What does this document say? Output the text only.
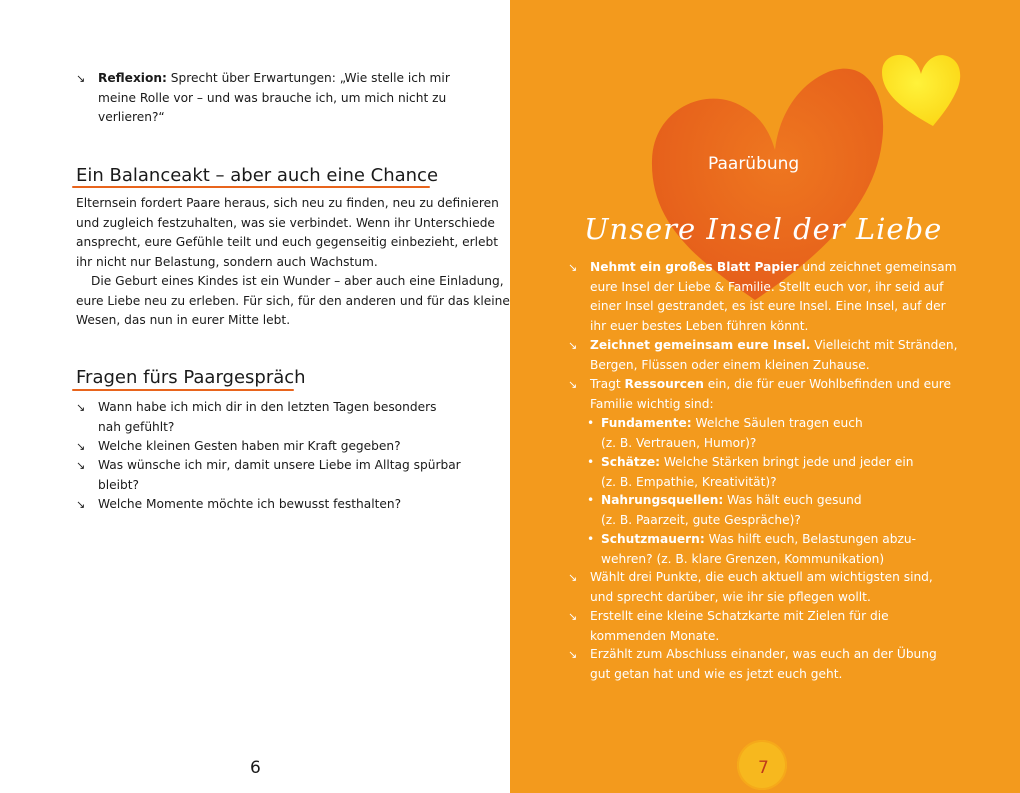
↘ Reflexion: Sprecht über Erwartungen: „Wie stelle ich mir
meine Rolle vor – und was brauche ich, um mich nicht zu
verlieren?“
Ein Balanceakt – aber auch eine Chance
Elternsein fordert Paare heraus, sich neu zu finden, neu zu definieren
und zugleich festzuhalten, was sie verbindet. Wenn ihr Unterschiede
ansprecht, eure Gefühle teilt und euch gegenseitig einbezieht, erlebt
ihr nicht nur Belastung, sondern auch Wachstum.
Die Geburt eines Kindes ist ein Wunder – aber auch eine Einladung,
eure Liebe neu zu erleben. Für sich, für den anderen und für das kleine
Wesen, das nun in eurer Mitte lebt.
Fragen fürs Paargespräch
↘ Wann habe ich mich dir in den letzten Tagen besonders
nah gefühlt?
↘ Welche kleinen Gesten haben mir Kraft gegeben?
↘ Was wünsche ich mir, damit unsere Liebe im Alltag spürbar
bleibt?
↘ Welche Momente möchte ich bewusst festhalten?
6
Paarübung
Unsere Insel der Liebe
↘ Nehmt ein großes Blatt Papier und zeichnet gemeinsam
eure Insel der Liebe & Familie. Stellt euch vor, ihr seid auf
einer Insel gestrandet, es ist eure Insel. Eine Insel, auf der
ihr euer bestes Leben führen könnt.
↘ Zeichnet gemeinsam eure Insel. Vielleicht mit Stränden,
Bergen, Flüssen oder einem kleinen Zuhause.
↘ Tragt Ressourcen ein, die für euer Wohlbefinden und eure
Familie wichtig sind:
• Fundamente: Welche Säulen tragen euch
(z. B. Vertrauen, Humor)?
• Schätze: Welche Stärken bringt jede und jeder ein
(z. B. Empathie, Kreativität)?
• Nahrungsquellen: Was hält euch gesund
(z. B. Paarzeit, gute Gespräche)?
• Schutzmauern: Was hilft euch, Belastungen abzu-
wehren? (z. B. klare Grenzen, Kommunikation)
↘ Wählt drei Punkte, die euch aktuell am wichtigsten sind,
und sprecht darüber, wie ihr sie pflegen wollt.
↘ Erstellt eine kleine Schatzkarte mit Zielen für die
kommenden Monate.
↘ Erzählt zum Abschluss einander, was euch an der Übung
gut getan hat und wie es jetzt euch geht.
7
